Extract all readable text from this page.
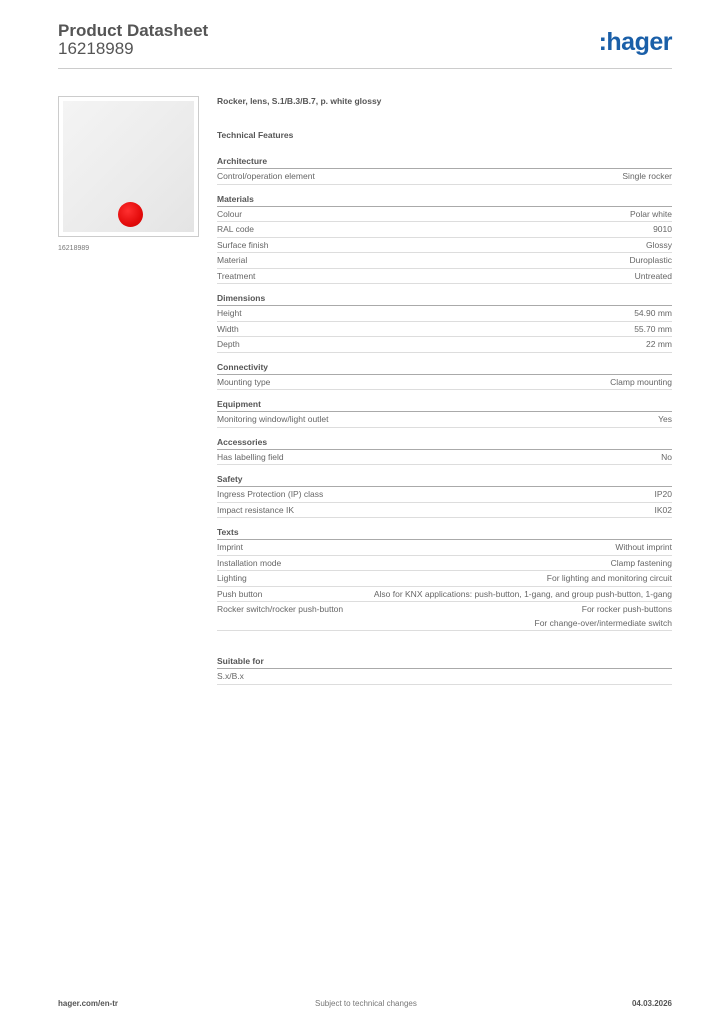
Product Datasheet
16218989	:hager
16218989
Rocker, lens, S.1/B.3/B.7, p. white glossy
Technical Features
Architecture
Control/operation element	Single rocker
Materials
Colour	Polar white
RAL code	9010
Surface finish	Glossy
Material	Duroplastic
Treatment	Untreated
Dimensions
Height	54.90 mm
Width	55.70 mm
Depth	22 mm
Connectivity
Mounting type	Clamp mounting
Equipment
Monitoring window/light outlet	Yes
Accessories
Has labelling field	No
Safety
Ingress Protection (IP) class	IP20
Impact resistance IK	IK02
Texts
Imprint	Without imprint
Installation mode	Clamp fastening
Lighting	For lighting and monitoring circuit
Push button	Also for KNX applications: push-button, 1-gang, and group push-button, 1-gang
Rocker switch/rocker push-button	For rocker push-buttons
For change-over/intermediate switch
Suitable for
S.x/B.x
hager.com/en-tr	Subject to technical changes	04.03.2026
